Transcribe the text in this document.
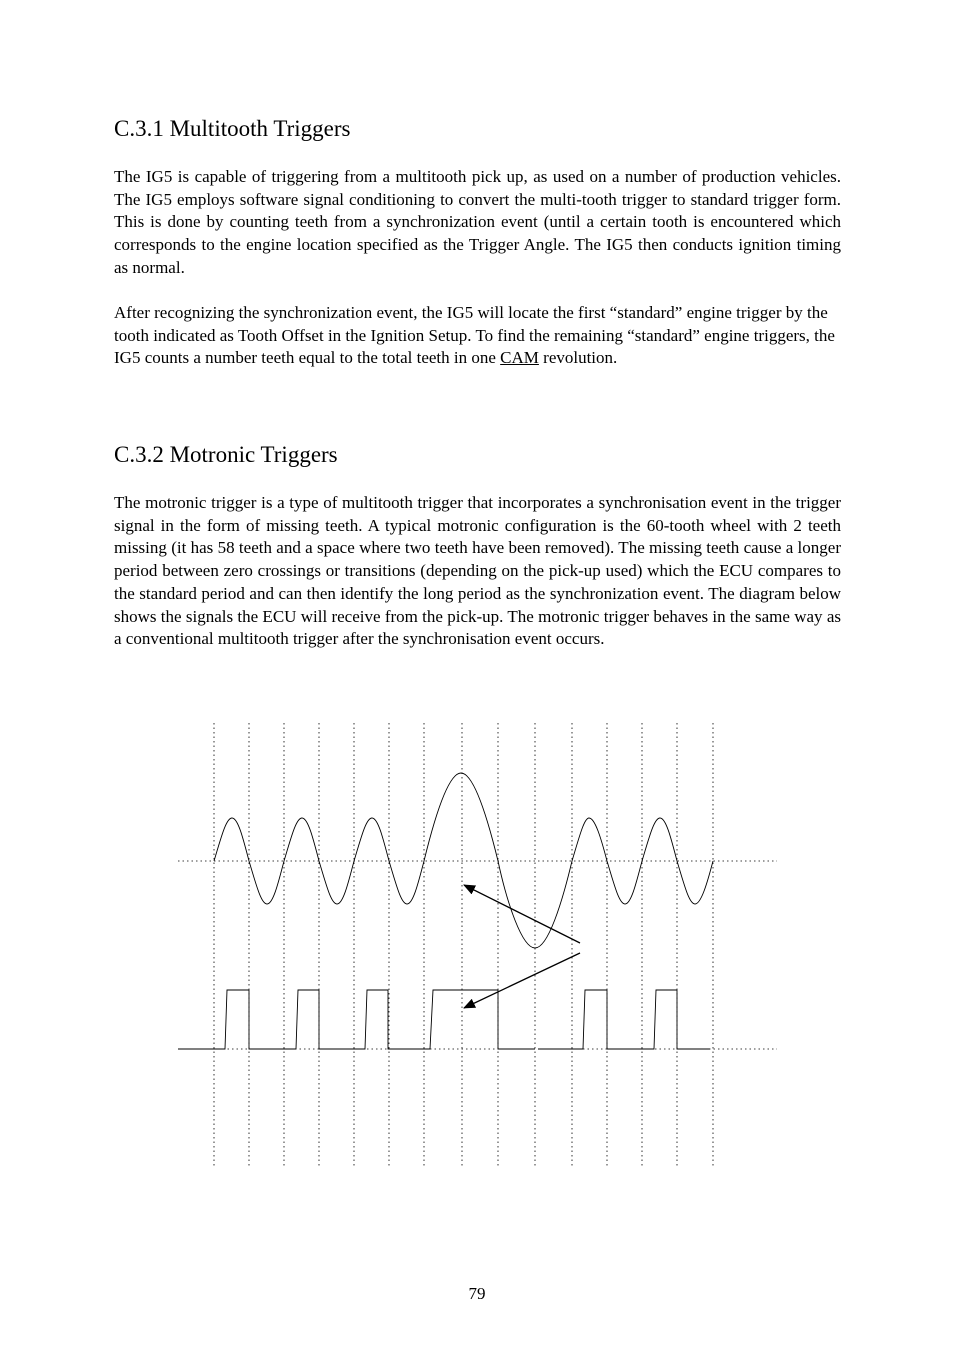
C.3.1 Multitooth Triggers

The IG5 is capable of triggering from a multitooth pick up, as used on a number of production vehicles. The IG5 employs software signal conditioning to convert the multi-tooth trigger to standard trigger form. This is done by counting teeth from a synchronization event (until a certain tooth is encountered which corresponds to the engine location specified as the Trigger Angle. The IG5 then conducts ignition timing as normal.

After recognizing the synchronization event, the IG5 will locate the first “standard” engine trigger by the tooth indicated as Tooth Offset in the Ignition Setup. To find the remaining “standard” engine triggers, the IG5 counts a number teeth equal to the total teeth in one CAM revolution.

C.3.2 Motronic Triggers

The motronic trigger is a type of multitooth trigger that incorporates a synchronisation event in the trigger signal in the form of missing teeth. A typical motronic configuration is the 60-tooth wheel with 2 teeth missing (it has 58 teeth and a space where two teeth have been removed). The missing teeth cause a longer period between zero crossings or transitions (depending on the pick-up used) which the ECU compares to the standard period and can then identify the long period as the synchronization event. The diagram below shows the signals the ECU will receive from the pick-up. The motronic trigger behaves in the same way as a conventional multitooth trigger after the synchronisation event occurs.

79
